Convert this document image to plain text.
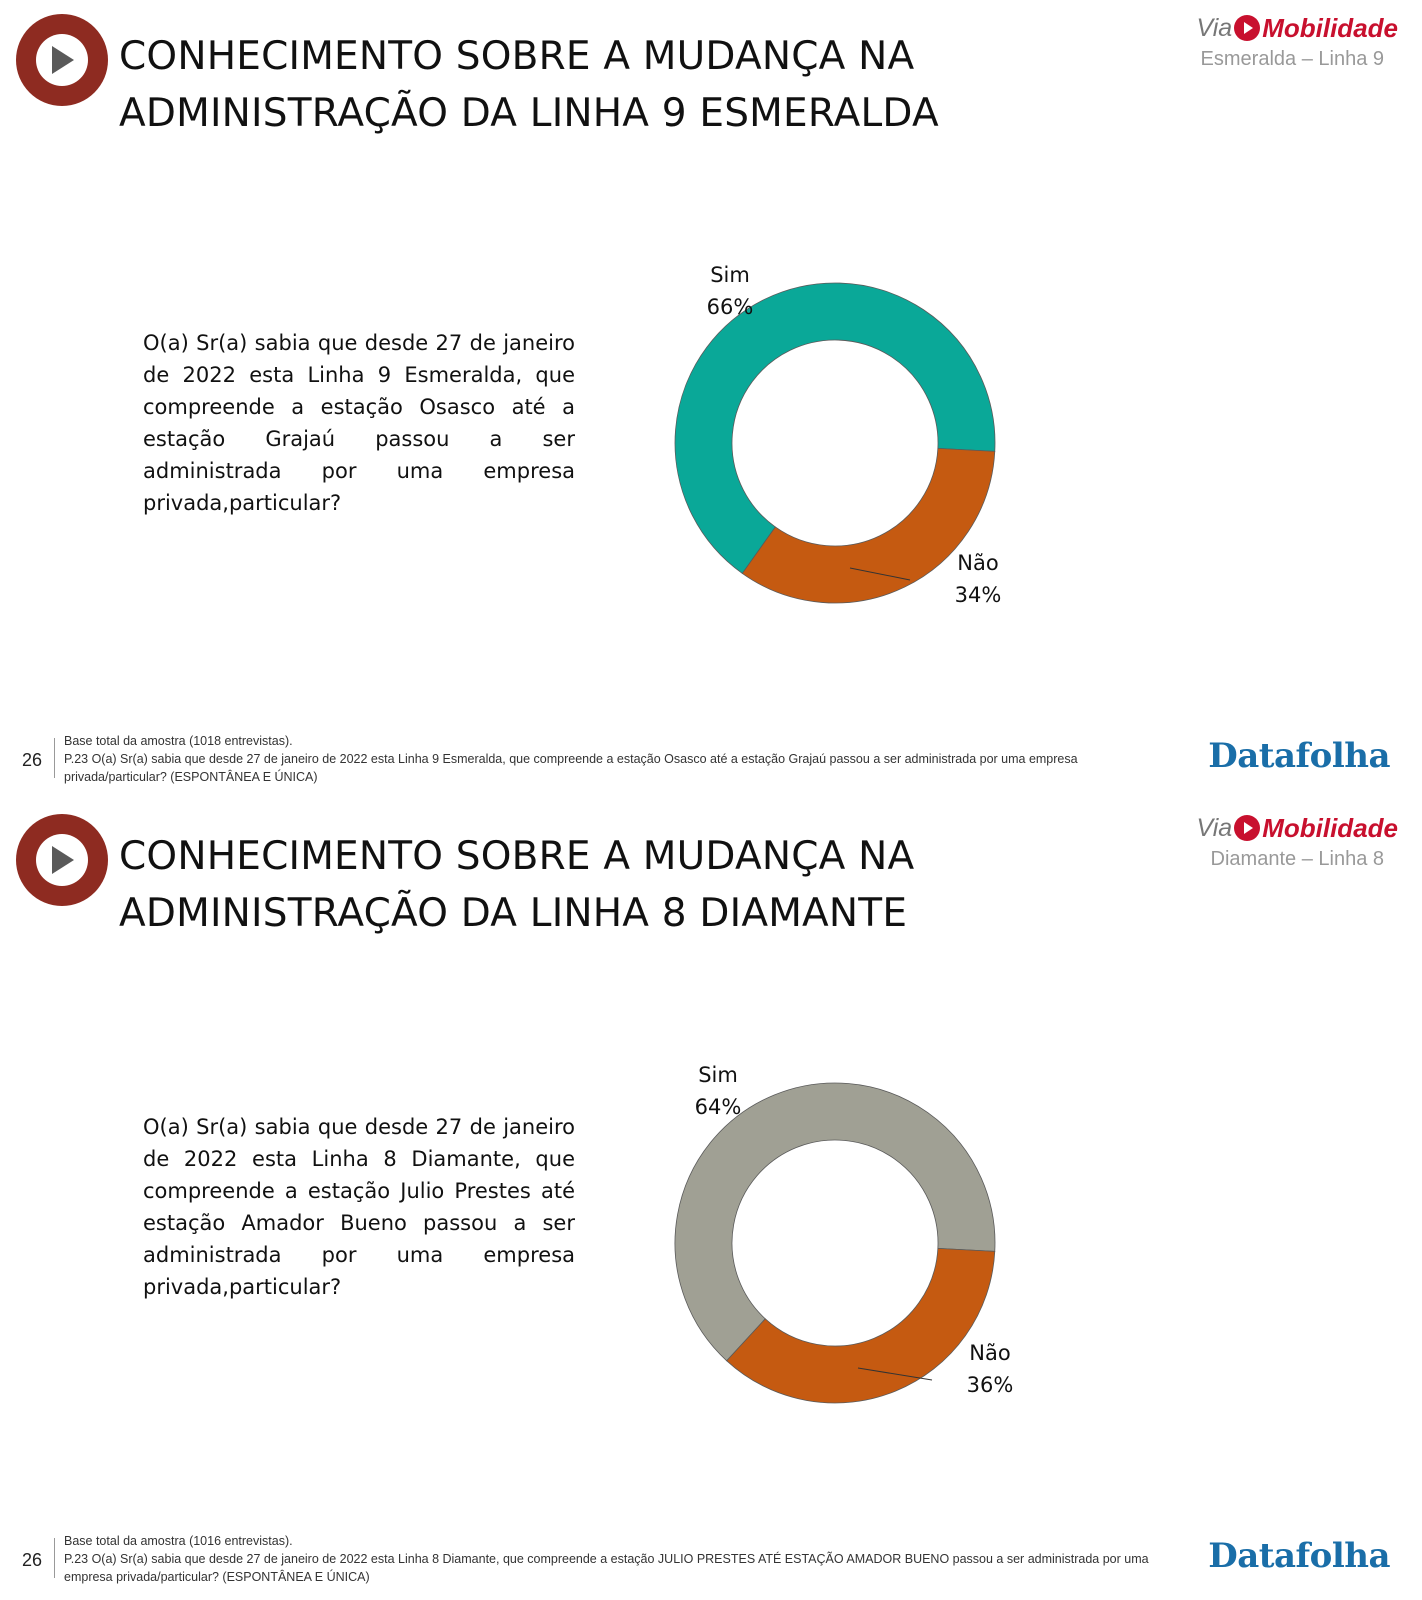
CONHECIMENTO SOBRE A MUDANÇA NA
ADMINISTRAÇÃO DA LINHA 9 ESMERALDA
Via Mobilidade
Esmeralda – Linha 9
O(a) Sr(a) sabia que desde 27 de janeiro de 2022 esta Linha 9 Esmeralda, que compreende a estação Osasco até a estação Grajaú passou a ser administrada por uma empresa privada,particular?
Sim
66%
Não
34%
26
Base total da amostra (1018 entrevistas).
P.23 O(a) Sr(a) sabia que desde 27 de janeiro de 2022 esta Linha 9 Esmeralda, que compreende a estação Osasco até a estação Grajaú passou a ser administrada por uma empresa privada/particular? (ESPONTÂNEA E ÚNICA)
Datafolha
CONHECIMENTO SOBRE A MUDANÇA NA
ADMINISTRAÇÃO DA LINHA 8 DIAMANTE
Via Mobilidade
Diamante – Linha 8
O(a) Sr(a) sabia que desde 27 de janeiro de 2022 esta Linha 8 Diamante, que compreende a estação Julio Prestes até estação Amador Bueno passou a ser administrada por uma empresa privada,particular?
Sim
64%
Não
36%
26
Base total da amostra (1016 entrevistas).
P.23 O(a) Sr(a) sabia que desde 27 de janeiro de 2022 esta Linha 8 Diamante, que compreende a estação JULIO PRESTES ATÉ ESTAÇÃO AMADOR BUENO passou a ser administrada por uma empresa privada/particular? (ESPONTÂNEA E ÚNICA)
Datafolha
